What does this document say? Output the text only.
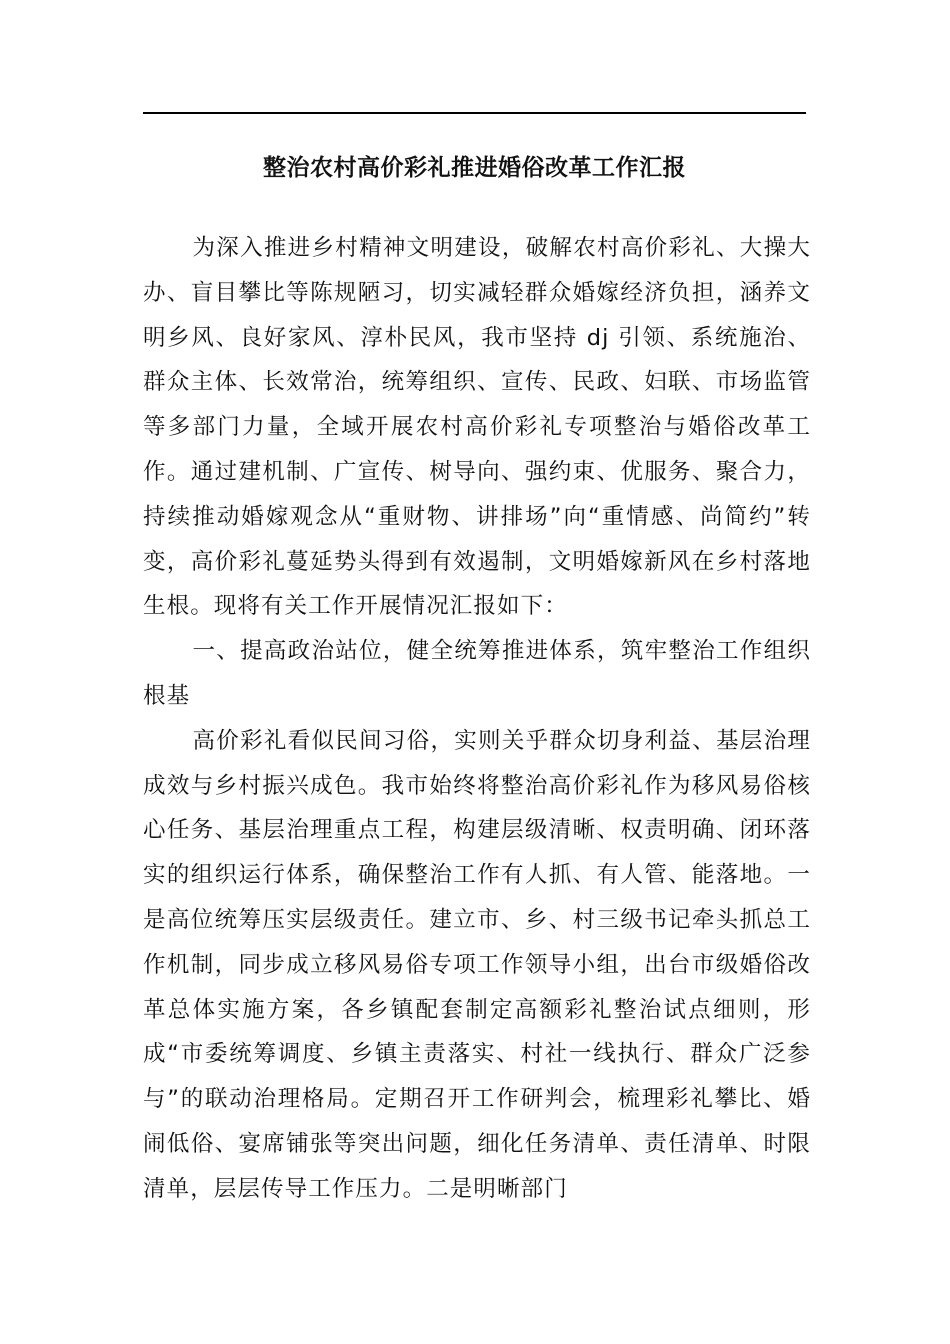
整治农村高价彩礼推进婚俗改革工作汇报

为深入推进乡村精神文明建设，破解农村高价彩礼、大操大办、盲目攀比等陈规陋习，切实减轻群众婚嫁经济负担，涵养文明乡风、良好家风、淳朴民风，我市坚持 dj 引领、系统施治、群众主体、长效常治，统筹组织、宣传、民政、妇联、市场监管等多部门力量，全域开展农村高价彩礼专项整治与婚俗改革工作。通过建机制、广宣传、树导向、强约束、优服务、聚合力，持续推动婚嫁观念从“重财物、讲排场”向“重情感、尚简约”转变，高价彩礼蔓延势头得到有效遏制，文明婚嫁新风在乡村落地生根。现将有关工作开展情况汇报如下：

一、提高政治站位，健全统筹推进体系，筑牢整治工作组织根基

高价彩礼看似民间习俗，实则关乎群众切身利益、基层治理成效与乡村振兴成色。我市始终将整治高价彩礼作为移风易俗核心任务、基层治理重点工程，构建层级清晰、权责明确、闭环落实的组织运行体系，确保整治工作有人抓、有人管、能落地。一是高位统筹压实层级责任。建立市、乡、村三级书记牵头抓总工作机制，同步成立移风易俗专项工作领导小组，出台市级婚俗改革总体实施方案，各乡镇配套制定高额彩礼整治试点细则，形成“市委统筹调度、乡镇主责落实、村社一线执行、群众广泛参与”的联动治理格局。定期召开工作研判会，梳理彩礼攀比、婚闹低俗、宴席铺张等突出问题，细化任务清单、责任清单、时限清单，层层传导工作压力。二是明晰部门
